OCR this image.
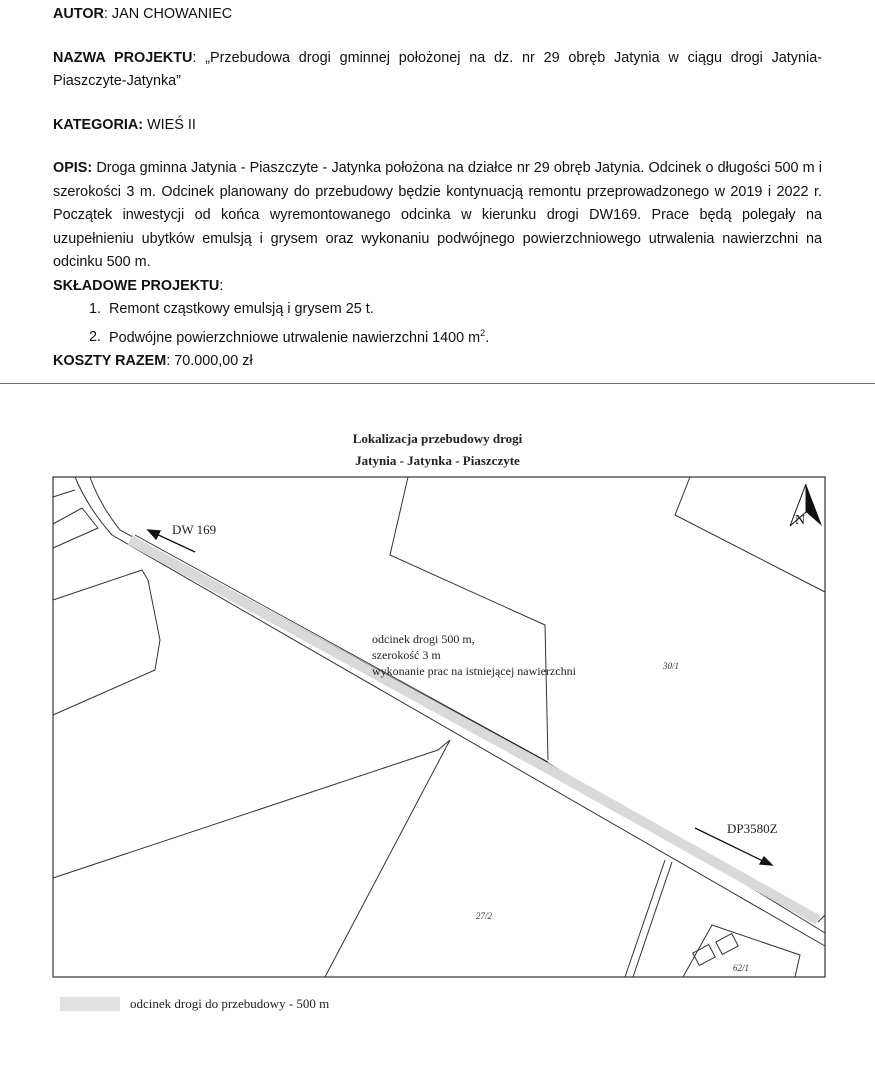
AUTOR: JAN CHOWANIEC

NAZWA PROJEKTU: „Przebudowa drogi gminnej położonej na dz. nr 29 obręb Jatynia w ciągu drogi Jatynia-Piaszczyte-Jatynka”

KATEGORIA: WIEŚ II

OPIS: Droga gminna Jatynia - Piaszczyte - Jatynka położona na działce nr 29 obręb Jatynia. Odcinek o długości 500 m i szerokości 3 m. Odcinek planowany do przebudowy będzie kontynuacją remontu przeprowadzonego w 2019 i 2022 r. Początek inwestycji od końca wyremontowanego odcinka w kierunku drogi DW169. Prace będą polegały na uzupełnieniu ubytków emulsją i grysem oraz wykonaniu podwójnego powierzchniowego utrwalenia nawierzchni na odcinku 500 m.

SKŁADOWE PROJEKTU:

1. Remont cząstkowy emulsją i grysem 25 t.
2. Podwójne powierzchniowe utrwalenie nawierzchni 1400 $m^2$.

KOSZTY RAZEM: 70.000,00 zł

Lokalizacja przebudowy drogi
Jatynia - Jatynka - Piaszczyte
N
DW 169
DP3580Z
odcinek drogi 500 m,
szerokość 3 m
wykonanie prac na istniejącej nawierzchni	30/1
27/2
62/1
odcinek drogi do przebudowy - 500 m
